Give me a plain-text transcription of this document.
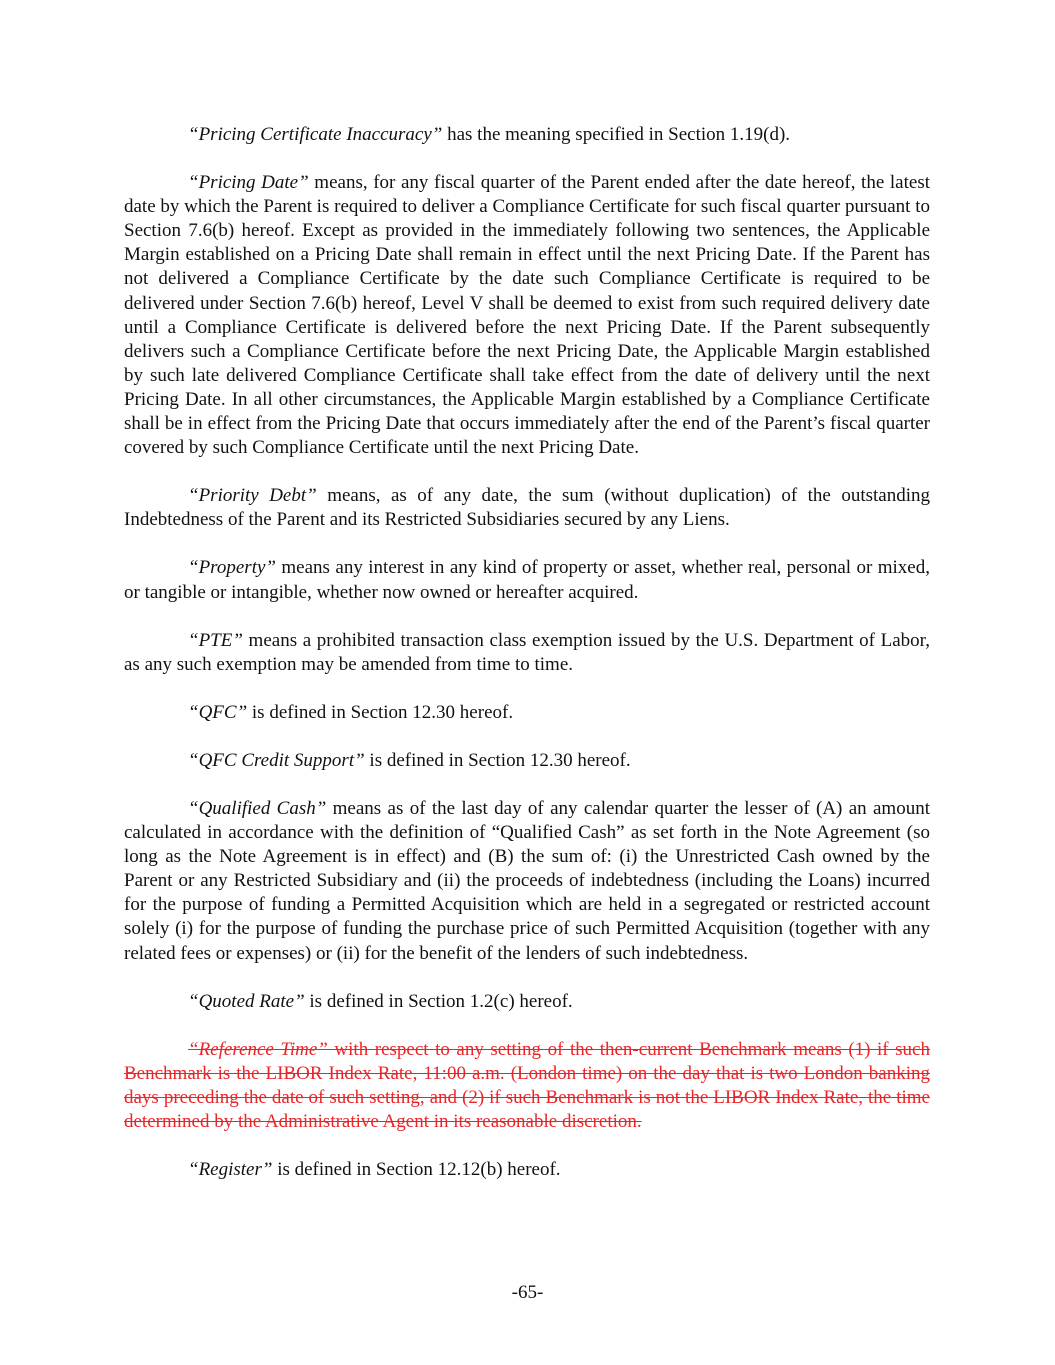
“Pricing Certificate Inaccuracy” has the meaning specified in Section 1.19(d).

“Pricing Date” means, for any fiscal quarter of the Parent ended after the date hereof, the latest date by which the Parent is required to deliver a Compliance Certificate for such fiscal quarter pursuant to Section 7.6(b) hereof. Except as provided in the immediately following two sentences, the Applicable Margin established on a Pricing Date shall remain in effect until the next Pricing Date. If the Parent has not delivered a Compliance Certificate by the date such Compliance Certificate is required to be delivered under Section 7.6(b) hereof, Level V shall be deemed to exist from such required delivery date until a Compliance Certificate is delivered before the next Pricing Date. If the Parent subsequently delivers such a Compliance Certificate before the next Pricing Date, the Applicable Margin established by such late delivered Compliance Certificate shall take effect from the date of delivery until the next Pricing Date. In all other circumstances, the Applicable Margin established by a Compliance Certificate shall be in effect from the Pricing Date that occurs immediately after the end of the Parent’s fiscal quarter covered by such Compliance Certificate until the next Pricing Date.

“Priority Debt” means, as of any date, the sum (without duplication) of the outstanding Indebtedness of the Parent and its Restricted Subsidiaries secured by any Liens.

“Property” means any interest in any kind of property or asset, whether real, personal or mixed, or tangible or intangible, whether now owned or hereafter acquired.

“PTE” means a prohibited transaction class exemption issued by the U.S. Department of Labor, as any such exemption may be amended from time to time.

“QFC” is defined in Section 12.30 hereof.

“QFC Credit Support” is defined in Section 12.30 hereof.

“Qualified Cash” means as of the last day of any calendar quarter the lesser of (A) an amount calculated in accordance with the definition of “Qualified Cash” as set forth in the Note Agreement (so long as the Note Agreement is in effect) and (B) the sum of: (i) the Unrestricted Cash owned by the Parent or any Restricted Subsidiary and (ii) the proceeds of indebtedness (including the Loans) incurred for the purpose of funding a Permitted Acquisition which are held in a segregated or restricted account solely (i) for the purpose of funding the purchase price of such Permitted Acquisition (together with any related fees or expenses) or (ii) for the benefit of the lenders of such indebtedness.

“Quoted Rate” is defined in Section 1.2(c) hereof.

“Reference Time” with respect to any setting of the then-current Benchmark means (1) if such Benchmark is the LIBOR Index Rate, 11:00 a.m. (London time) on the day that is two London banking days preceding the date of such setting, and (2) if such Benchmark is not the LIBOR Index Rate, the time determined by the Administrative Agent in its reasonable discretion.

“Register” is defined in Section 12.12(b) hereof.

-65-
